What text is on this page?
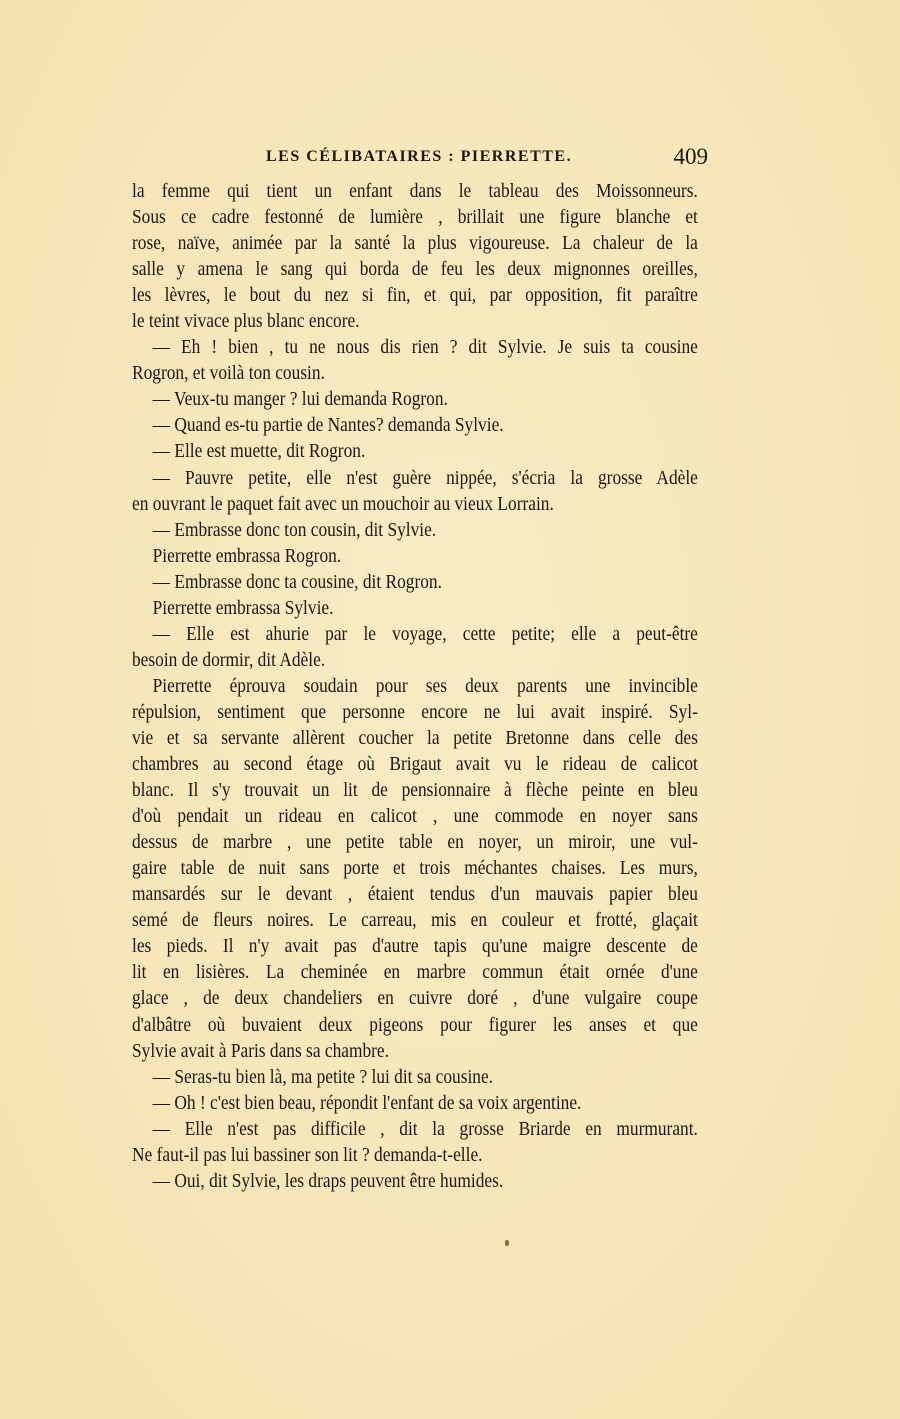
LES CÉLIBATAIRES : PIERRETTE.	409
la femme qui tient un enfant dans le tableau des Moissonneurs.
Sous ce cadre festonné de lumière , brillait une figure blanche et
rose, naïve, animée par la santé la plus vigoureuse. La chaleur de la
salle y amena le sang qui borda de feu les deux mignonnes oreilles,
les lèvres, le bout du nez si fin, et qui, par opposition, fit paraître
le teint vivace plus blanc encore.
— Eh ! bien , tu ne nous dis rien ? dit Sylvie. Je suis ta cousine
Rogron, et voilà ton cousin.
— Veux-tu manger ? lui demanda Rogron.
— Quand es-tu partie de Nantes? demanda Sylvie.
— Elle est muette, dit Rogron.
— Pauvre petite, elle n'est guère nippée, s'écria la grosse Adèle
en ouvrant le paquet fait avec un mouchoir au vieux Lorrain.
— Embrasse donc ton cousin, dit Sylvie.
Pierrette embrassa Rogron.
— Embrasse donc ta cousine, dit Rogron.
Pierrette embrassa Sylvie.
— Elle est ahurie par le voyage, cette petite; elle a peut-être
besoin de dormir, dit Adèle.
Pierrette éprouva soudain pour ses deux parents une invincible
répulsion, sentiment que personne encore ne lui avait inspiré. Syl-
vie et sa servante allèrent coucher la petite Bretonne dans celle des
chambres au second étage où Brigaut avait vu le rideau de calicot
blanc. Il s'y trouvait un lit de pensionnaire à flèche peinte en bleu
d'où pendait un rideau en calicot , une commode en noyer sans
dessus de marbre , une petite table en noyer, un miroir, une vul-
gaire table de nuit sans porte et trois méchantes chaises. Les murs,
mansardés sur le devant , étaient tendus d'un mauvais papier bleu
semé de fleurs noires. Le carreau, mis en couleur et frotté, glaçait
les pieds. Il n'y avait pas d'autre tapis qu'une maigre descente de
lit en lisières. La cheminée en marbre commun était ornée d'une
glace , de deux chandeliers en cuivre doré , d'une vulgaire coupe
d'albâtre où buvaient deux pigeons pour figurer les anses et que
Sylvie avait à Paris dans sa chambre.
— Seras-tu bien là, ma petite ? lui dit sa cousine.
— Oh ! c'est bien beau, répondit l'enfant de sa voix argentine.
— Elle n'est pas difficile , dit la grosse Briarde en murmurant.
Ne faut-il pas lui bassiner son lit ? demanda-t-elle.
— Oui, dit Sylvie, les draps peuvent être humides.
